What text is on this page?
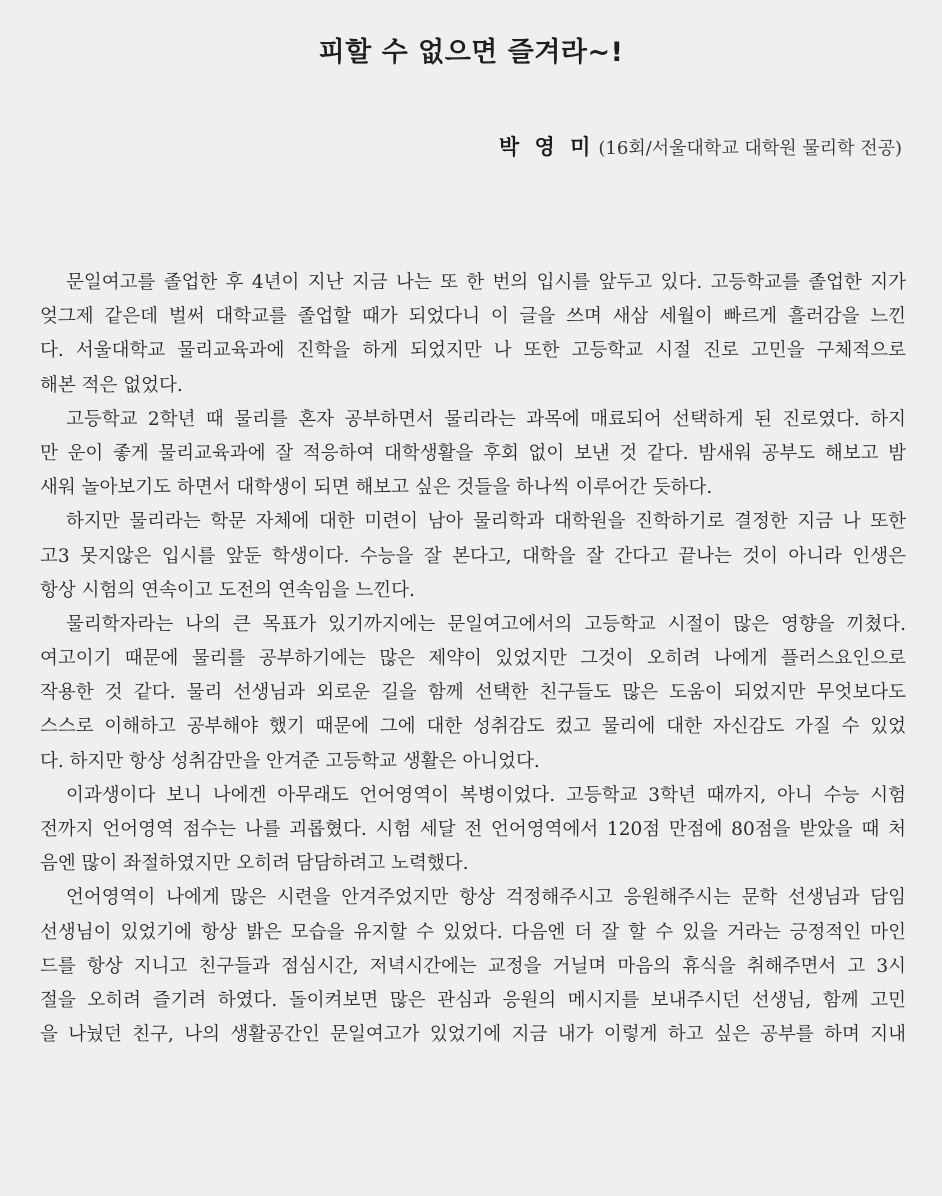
피할 수 없으면 즐겨라~!
박 영 미 (16회/서울대학교 대학원 물리학 전공)
문일여고를 졸업한 후 4년이 지난 지금 나는 또 한 번의 입시를 앞두고 있다. 고등학교를 졸업한 지가
엊그제 같은데 벌써 대학교를 졸업할 때가 되었다니 이 글을 쓰며 새삼 세월이 빠르게 흘러감을 느낀
다. 서울대학교 물리교육과에 진학을 하게 되었지만 나 또한 고등학교 시절 진로 고민을 구체적으로
해본 적은 없었다.
고등학교 2학년 때 물리를 혼자 공부하면서 물리라는 과목에 매료되어 선택하게 된 진로였다. 하지
만 운이 좋게 물리교육과에 잘 적응하여 대학생활을 후회 없이 보낸 것 같다. 밤새워 공부도 해보고 밤
새워 놀아보기도 하면서 대학생이 되면 해보고 싶은 것들을 하나씩 이루어간 듯하다.
하지만 물리라는 학문 자체에 대한 미련이 남아 물리학과 대학원을 진학하기로 결정한 지금 나 또한
고3 못지않은 입시를 앞둔 학생이다. 수능을 잘 본다고, 대학을 잘 간다고 끝나는 것이 아니라 인생은
항상 시험의 연속이고 도전의 연속임을 느낀다.
물리학자라는 나의 큰 목표가 있기까지에는 문일여고에서의 고등학교 시절이 많은 영향을 끼쳤다.
여고이기 때문에 물리를 공부하기에는 많은 제약이 있었지만 그것이 오히려 나에게 플러스요인으로
작용한 것 같다. 물리 선생님과 외로운 길을 함께 선택한 친구들도 많은 도움이 되었지만 무엇보다도
스스로 이해하고 공부해야 했기 때문에 그에 대한 성취감도 컸고 물리에 대한 자신감도 가질 수 있었
다. 하지만 항상 성취감만을 안겨준 고등학교 생활은 아니었다.
이과생이다 보니 나에겐 아무래도 언어영역이 복병이었다. 고등학교 3학년 때까지, 아니 수능 시험
전까지 언어영역 점수는 나를 괴롭혔다. 시험 세달 전 언어영역에서 120점 만점에 80점을 받았을 때 처
음엔 많이 좌절하였지만 오히려 담담하려고 노력했다.
언어영역이 나에게 많은 시련을 안겨주었지만 항상 걱정해주시고 응원해주시는 문학 선생님과 담임
선생님이 있었기에 항상 밝은 모습을 유지할 수 있었다. 다음엔 더 잘 할 수 있을 거라는 긍정적인 마인
드를 항상 지니고 친구들과 점심시간, 저녁시간에는 교정을 거닐며 마음의 휴식을 취해주면서 고 3시
절을 오히려 즐기려 하였다. 돌이켜보면 많은 관심과 응원의 메시지를 보내주시던 선생님, 함께 고민
을 나눴던 친구, 나의 생활공간인 문일여고가 있었기에 지금 내가 이렇게 하고 싶은 공부를 하며 지내
